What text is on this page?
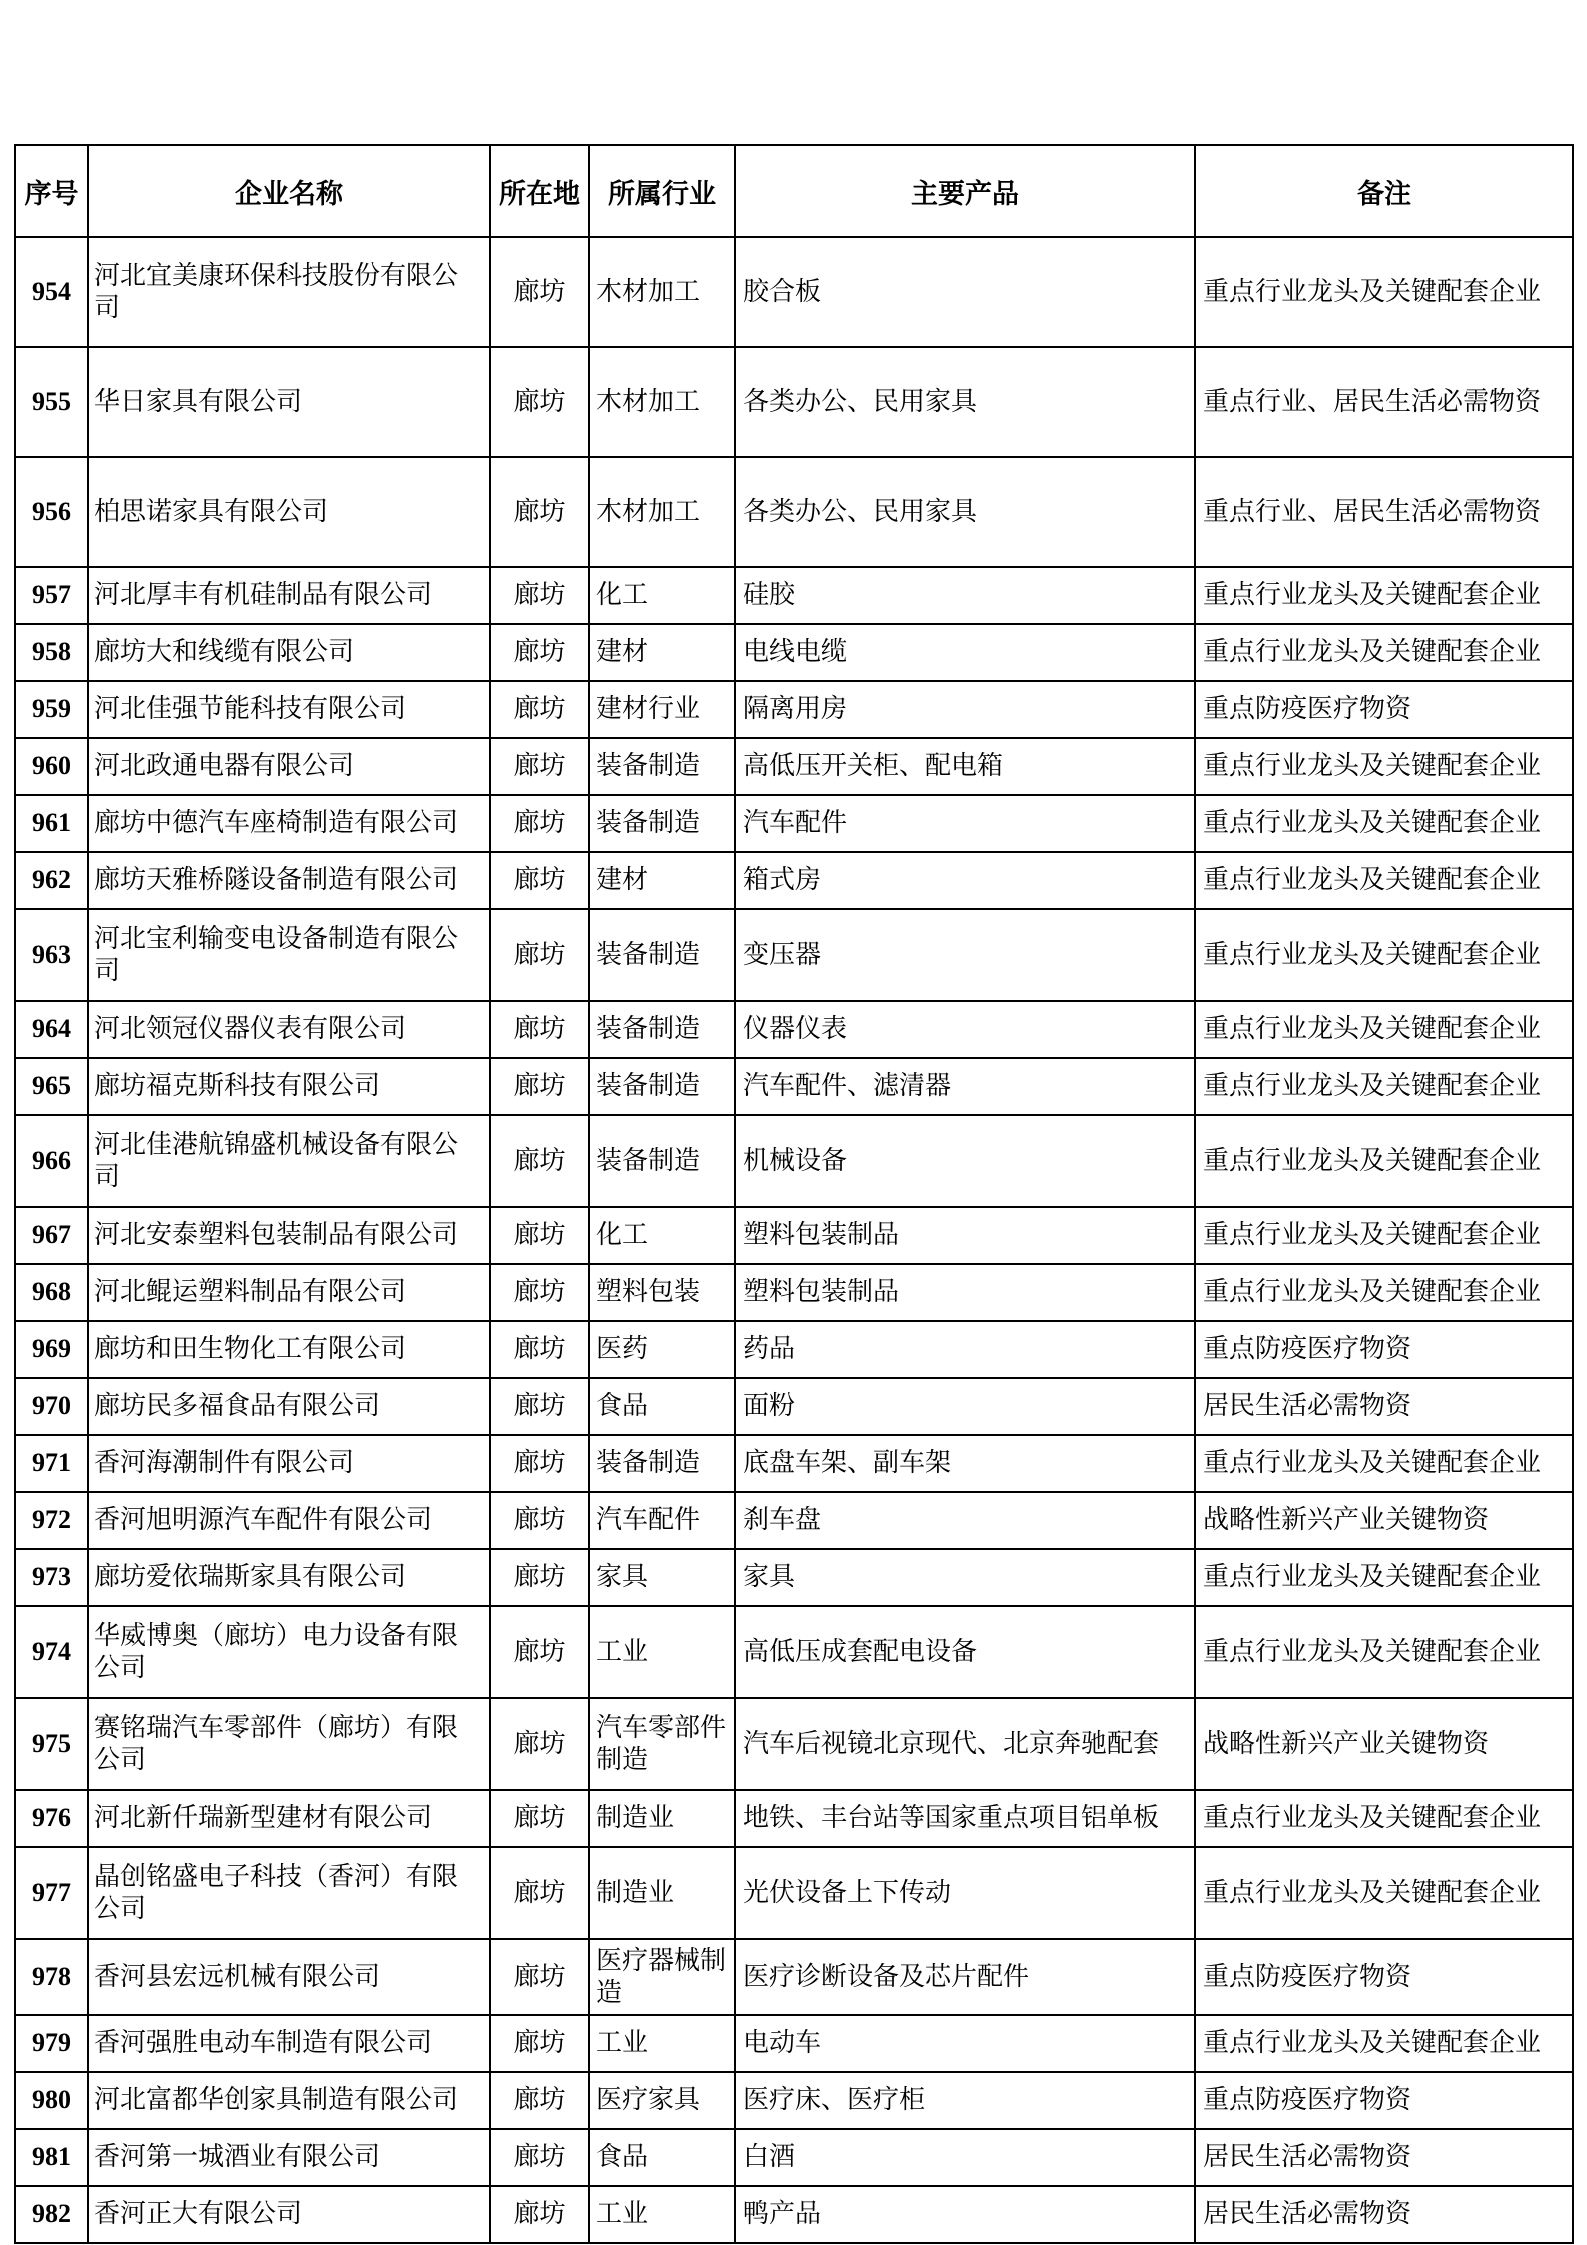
序号	企业名称	所在地	所属行业	主要产品	备注
954	河北宜美康环保科技股份有限公司	廊坊	木材加工	胶合板	重点行业龙头及关键配套企业
955	华日家具有限公司	廊坊	木材加工	各类办公、民用家具	重点行业、居民生活必需物资
956	柏思诺家具有限公司	廊坊	木材加工	各类办公、民用家具	重点行业、居民生活必需物资
957	河北厚丰有机硅制品有限公司	廊坊	化工	硅胶	重点行业龙头及关键配套企业
958	廊坊大和线缆有限公司	廊坊	建材	电线电缆	重点行业龙头及关键配套企业
959	河北佳强节能科技有限公司	廊坊	建材行业	隔离用房	重点防疫医疗物资
960	河北政通电器有限公司	廊坊	装备制造	高低压开关柜、配电箱	重点行业龙头及关键配套企业
961	廊坊中德汽车座椅制造有限公司	廊坊	装备制造	汽车配件	重点行业龙头及关键配套企业
962	廊坊天雅桥隧设备制造有限公司	廊坊	建材	箱式房	重点行业龙头及关键配套企业
963	河北宝利输变电设备制造有限公司	廊坊	装备制造	变压器	重点行业龙头及关键配套企业
964	河北领冠仪器仪表有限公司	廊坊	装备制造	仪器仪表	重点行业龙头及关键配套企业
965	廊坊福克斯科技有限公司	廊坊	装备制造	汽车配件、滤清器	重点行业龙头及关键配套企业
966	河北佳港航锦盛机械设备有限公司	廊坊	装备制造	机械设备	重点行业龙头及关键配套企业
967	河北安泰塑料包装制品有限公司	廊坊	化工	塑料包装制品	重点行业龙头及关键配套企业
968	河北鲲运塑料制品有限公司	廊坊	塑料包装	塑料包装制品	重点行业龙头及关键配套企业
969	廊坊和田生物化工有限公司	廊坊	医药	药品	重点防疫医疗物资
970	廊坊民多福食品有限公司	廊坊	食品	面粉	居民生活必需物资
971	香河海潮制件有限公司	廊坊	装备制造	底盘车架、副车架	重点行业龙头及关键配套企业
972	香河旭明源汽车配件有限公司	廊坊	汽车配件	刹车盘	战略性新兴产业关键物资
973	廊坊爱依瑞斯家具有限公司	廊坊	家具	家具	重点行业龙头及关键配套企业
974	华威博奥（廊坊）电力设备有限公司	廊坊	工业	高低压成套配电设备	重点行业龙头及关键配套企业
975	赛铭瑞汽车零部件（廊坊）有限公司	廊坊	汽车零部件制造	汽车后视镜北京现代、北京奔驰配套	战略性新兴产业关键物资
976	河北新仟瑞新型建材有限公司	廊坊	制造业	地铁、丰台站等国家重点项目铝单板	重点行业龙头及关键配套企业
977	晶创铭盛电子科技（香河）有限公司	廊坊	制造业	光伏设备上下传动	重点行业龙头及关键配套企业
978	香河县宏远机械有限公司	廊坊	医疗器械制造	医疗诊断设备及芯片配件	重点防疫医疗物资
979	香河强胜电动车制造有限公司	廊坊	工业	电动车	重点行业龙头及关键配套企业
980	河北富都华创家具制造有限公司	廊坊	医疗家具	医疗床、医疗柜	重点防疫医疗物资
981	香河第一城酒业有限公司	廊坊	食品	白酒	居民生活必需物资
982	香河正大有限公司	廊坊	工业	鸭产品	居民生活必需物资
